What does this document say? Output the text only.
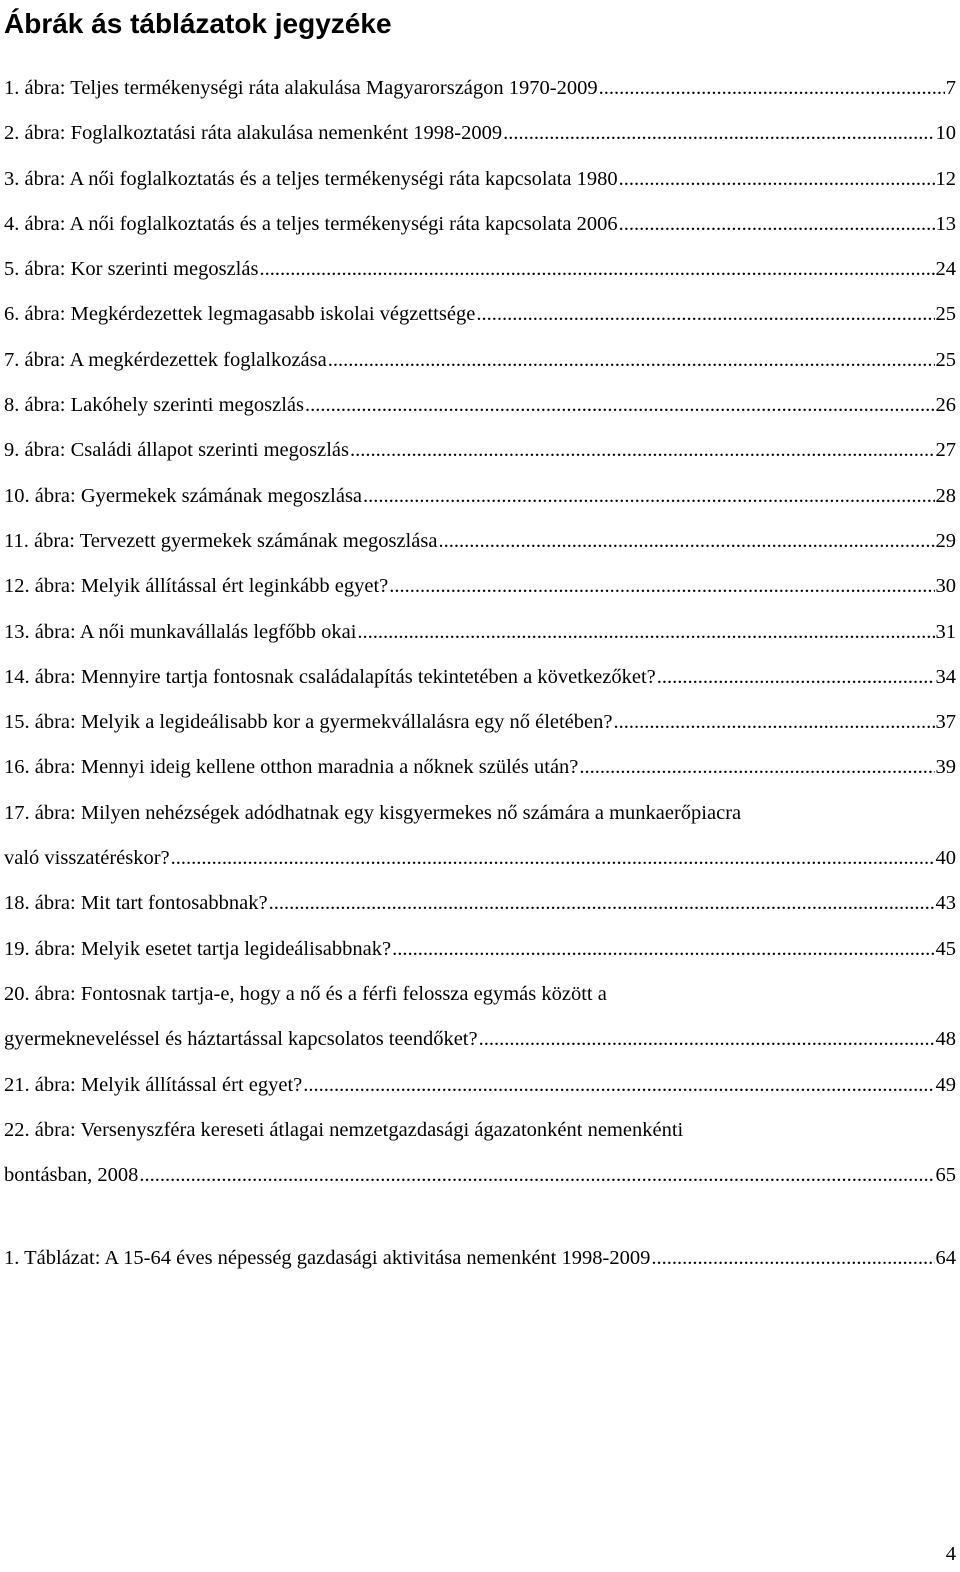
Ábrák ás táblázatok jegyzéke
1. ábra: Teljes termékenységi ráta alakulása Magyarországon 1970-2009 .....	7
2. ábra: Foglalkoztatási ráta alakulása nemenként 1998-2009 .....	10
3. ábra: A női foglalkoztatás és a teljes termékenységi ráta kapcsolata 1980 .....	12
4. ábra: A női foglalkoztatás és a teljes termékenységi ráta kapcsolata 2006 .....	13
5. ábra: Kor szerinti megoszlás .....	24
6. ábra: Megkérdezettek legmagasabb iskolai végzettsége .....	25
7. ábra: A megkérdezettek foglalkozása .....	25
8. ábra: Lakóhely szerinti megoszlás .....	26
9. ábra: Családi állapot szerinti megoszlás .....	27
10. ábra: Gyermekek számának megoszlása .....	28
11. ábra: Tervezett gyermekek számának megoszlása .....	29
12. ábra: Melyik állítással ért leginkább egyet? .....	30
13. ábra: A női munkavállalás legfőbb okai .....	31
14. ábra: Mennyire tartja fontosnak családalapítás tekintetében a következőket? .....	34
15. ábra: Melyik a legideálisabb kor a gyermekvállalásra egy nő életében? .....	37
16. ábra: Mennyi ideig kellene otthon maradnia a nőknek szülés után? .....	39
17. ábra: Milyen nehézségek adódhatnak egy kisgyermekes nő számára a munkaerőpiacra
való visszatéréskor? .....	40
18. ábra: Mit tart fontosabbnak? .....	43
19. ábra: Melyik esetet tartja legideálisabbnak? .....	45
20. ábra: Fontosnak tartja-e, hogy a nő és a férfi felossza egymás között a
gyermekneveléssel és háztartással kapcsolatos teendőket? .....	48
21. ábra: Melyik állítással ért egyet? .....	49
22. ábra: Versenyszféra kereseti átlagai nemzetgazdasági ágazatonként nemenkénti
bontásban, 2008 .....	65
1. Táblázat: A 15-64 éves népesség gazdasági aktivitása nemenként 1998-2009 .....	64
4
